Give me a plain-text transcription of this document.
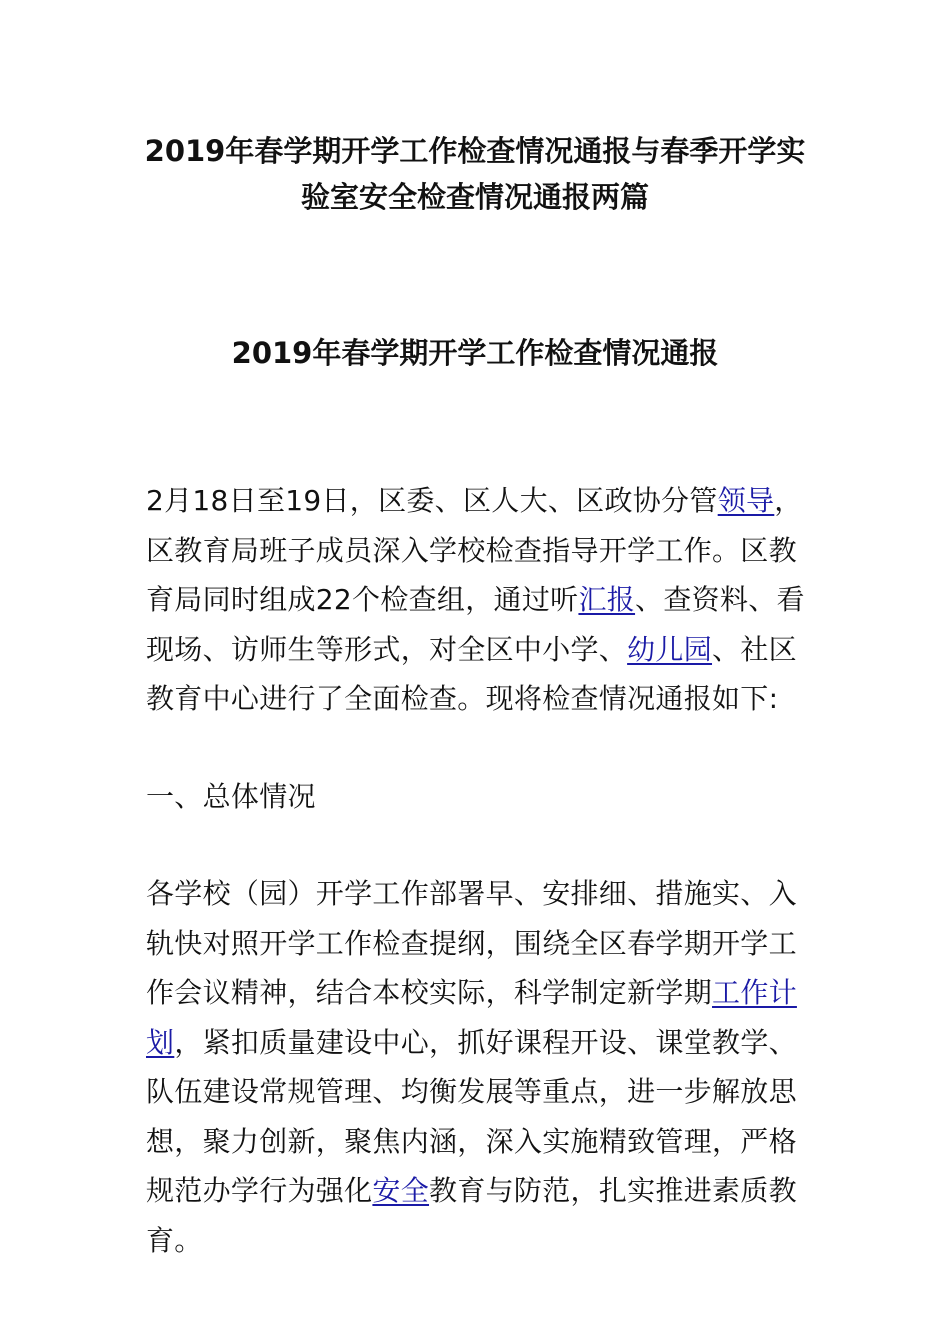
2019年春学期开学工作检查情况通报与春季开学实
验室安全检查情况通报两篇
2019年春学期开学工作检查情况通报

2月18日至19日，区委、区人大、区政协分管领导，区教育局班子成员深入学校检查指导开学工作。区教育局同时组成22个检查组，通过听汇报、查资料、看现场、访师生等形式，对全区中小学、幼儿园、社区教育中心进行了全面检查。现将检查情况通报如下:

一、总体情况

各学校（园）开学工作部署早、安排细、措施实、入轨快对照开学工作检查提纲，围绕全区春学期开学工作会议精神，结合本校实际，科学制定新学期工作计划，紧扣质量建设中心，抓好课程开设、课堂教学、队伍建设常规管理、均衡发展等重点，进一步解放思想，聚力创新，聚焦内涵，深入实施精致管理，严格规范办学行为强化安全教育与防范，扎实推进素质教育。
